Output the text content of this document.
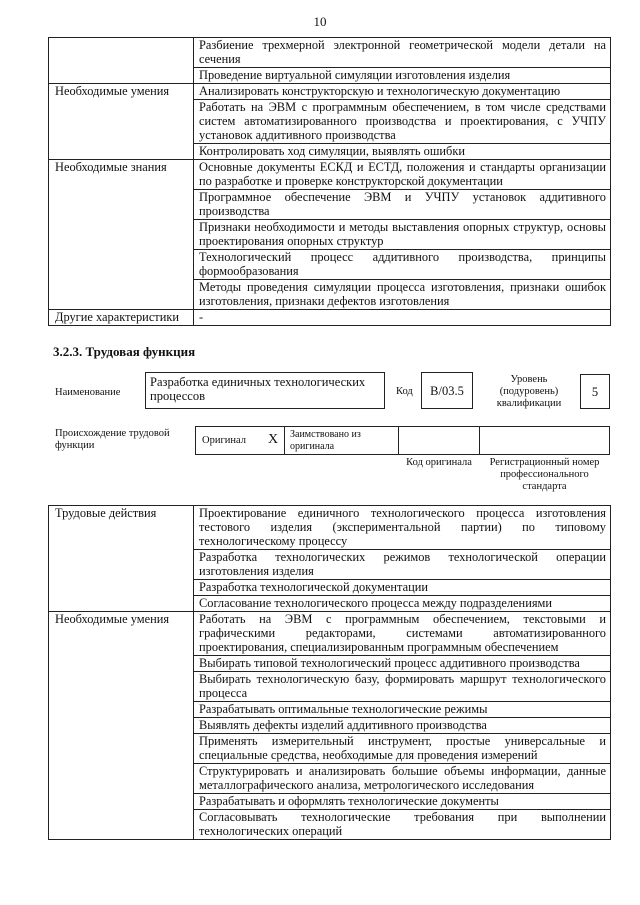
10
	Разбиение трехмерной электронной геометрической модели детали на сечения
	Проведение виртуальной симуляции изготовления изделия
Необходимые умения	Анализировать конструкторскую и технологическую документацию
	Работать на ЭВМ с программным обеспечением, в том числе средствами систем автоматизированного производства и проектирования, с УЧПУ установок аддитивного производства
	Контролировать ход симуляции, выявлять ошибки
Необходимые знания	Основные документы ЕСКД и ЕСТД, положения и стандарты организации по разработке и проверке конструкторской документации
	Программное обеспечение ЭВМ и УЧПУ установок аддитивного производства
	Признаки необходимости и методы выставления опорных структур, основы проектирования опорных структур
	Технологический процесс аддитивного производства, принципы формообразования
	Методы проведения симуляции процесса изготовления, признаки ошибок изготовления, признаки дефектов изготовления
Другие характеристики	-
3.2.3. Трудовая функция
Наименование
Разработка единичных технологических процессов	Код	В/03.5
Уровень (подуровень) квалификации
5
Происхождение трудовой функции	Оригинал X Заимствовано из оригинала
Код оригинала	Регистрационный номер профессионального стандарта
Трудовые действия	Проектирование единичного технологического процесса изготовления тестового изделия (экспериментальной партии) по типовому технологическому процессу
	Разработка технологических режимов технологической операции изготовления изделия
	Разработка технологической документации
	Согласование технологического процесса между подразделениями
Необходимые умения	Работать на ЭВМ с программным обеспечением, текстовыми и графическими редакторами, системами автоматизированного проектирования, специализированным программным обеспечением
	Выбирать типовой технологический процесс аддитивного производства
	Выбирать технологическую базу, формировать маршрут технологического процесса
	Разрабатывать оптимальные технологические режимы
	Выявлять дефекты изделий аддитивного производства
	Применять измерительный инструмент, простые универсальные и специальные средства, необходимые для проведения измерений
	Структурировать и анализировать большие объемы информации, данные металлографического анализа, метрологического исследования
	Разрабатывать и оформлять технологические документы
	Согласовывать технологические требования при выполнении технологических операций
